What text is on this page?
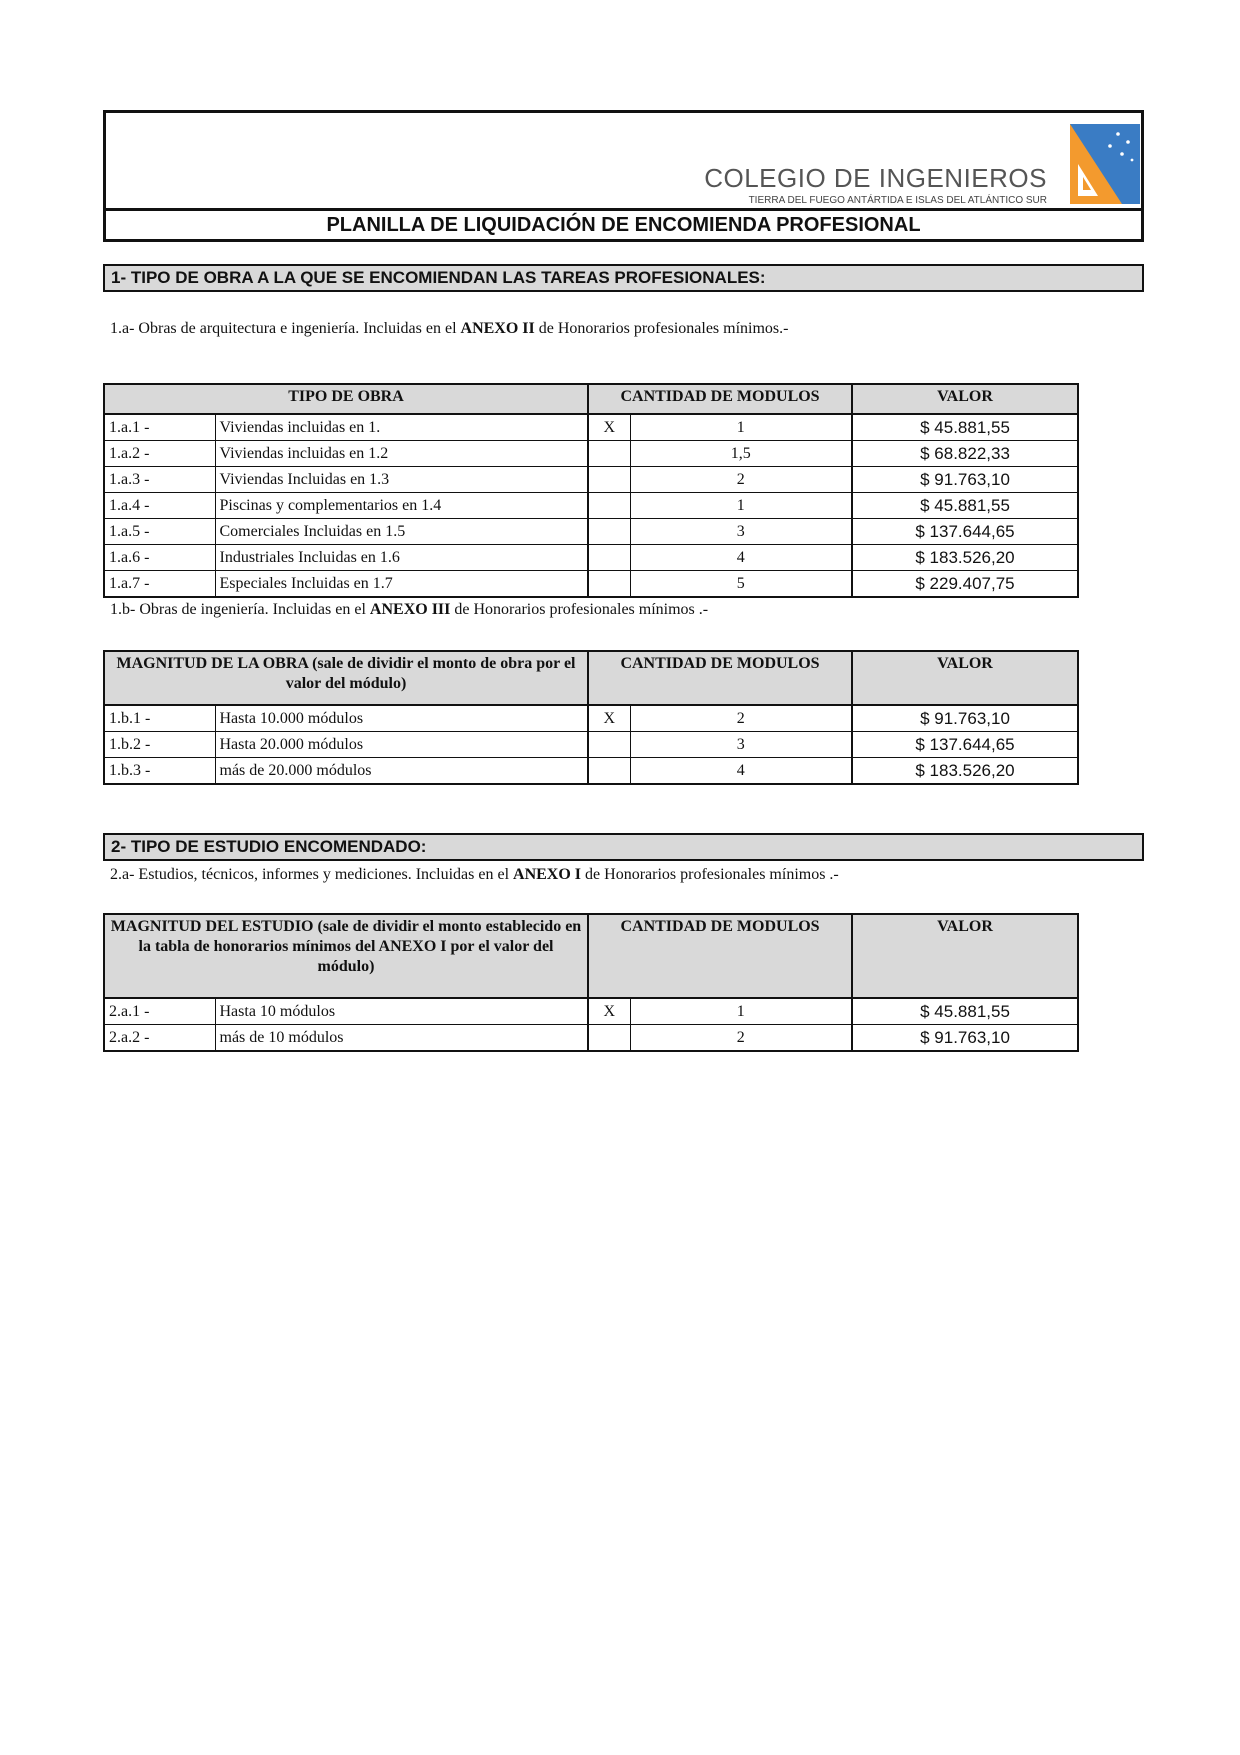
COLEGIO DE INGENIEROS
TIERRA DEL FUEGO ANTÁRTIDA E ISLAS DEL ATLÁNTICO SUR
PLANILLA DE LIQUIDACIÓN DE ENCOMIENDA PROFESIONAL
1- TIPO DE OBRA A LA QUE SE ENCOMIENDAN LAS TAREAS PROFESIONALES:
1.a- Obras de arquitectura e ingeniería. Incluidas en el ANEXO II de Honorarios profesionales mínimos.-
TIPO DE OBRA		CANTIDAD DE MODULOS		VALOR
1.a.1 -	Viviendas incluidas en 1.	X	1	$ 45.881,55
1.a.2 -	Viviendas incluidas en 1.2		1,5	$ 68.822,33
1.a.3 -	Viviendas Incluidas en 1.3		2	$ 91.763,10
1.a.4 -	Piscinas y complementarios en 1.4		1	$ 45.881,55
1.a.5 -	Comerciales Incluidas en 1.5		3	$ 137.644,65
1.a.6 -	Industriales Incluidas en 1.6		4	$ 183.526,20
1.a.7 -	Especiales Incluidas en 1.7		5	$ 229.407,75
1.b- Obras de ingeniería. Incluidas en el ANEXO III de Honorarios profesionales mínimos .-
MAGNITUD DE LA OBRA (sale de dividir el monto de obra por el valor del módulo)		CANTIDAD DE MODULOS		VALOR
1.b.1 -	Hasta 10.000 módulos	X	2	$ 91.763,10
1.b.2 -	Hasta 20.000 módulos		3	$ 137.644,65
1.b.3 -	más de 20.000 módulos		4	$ 183.526,20
2- TIPO DE ESTUDIO ENCOMENDADO:
2.a- Estudios, técnicos, informes y mediciones. Incluidas en el ANEXO I de Honorarios profesionales mínimos .-
MAGNITUD DEL ESTUDIO (sale de dividir el monto establecido en la tabla de honorarios mínimos del ANEXO I por el valor del módulo)		CANTIDAD DE MODULOS		VALOR
2.a.1 -	Hasta 10 módulos	X	1	$ 45.881,55
2.a.2 -	más de 10 módulos		2	$ 91.763,10
